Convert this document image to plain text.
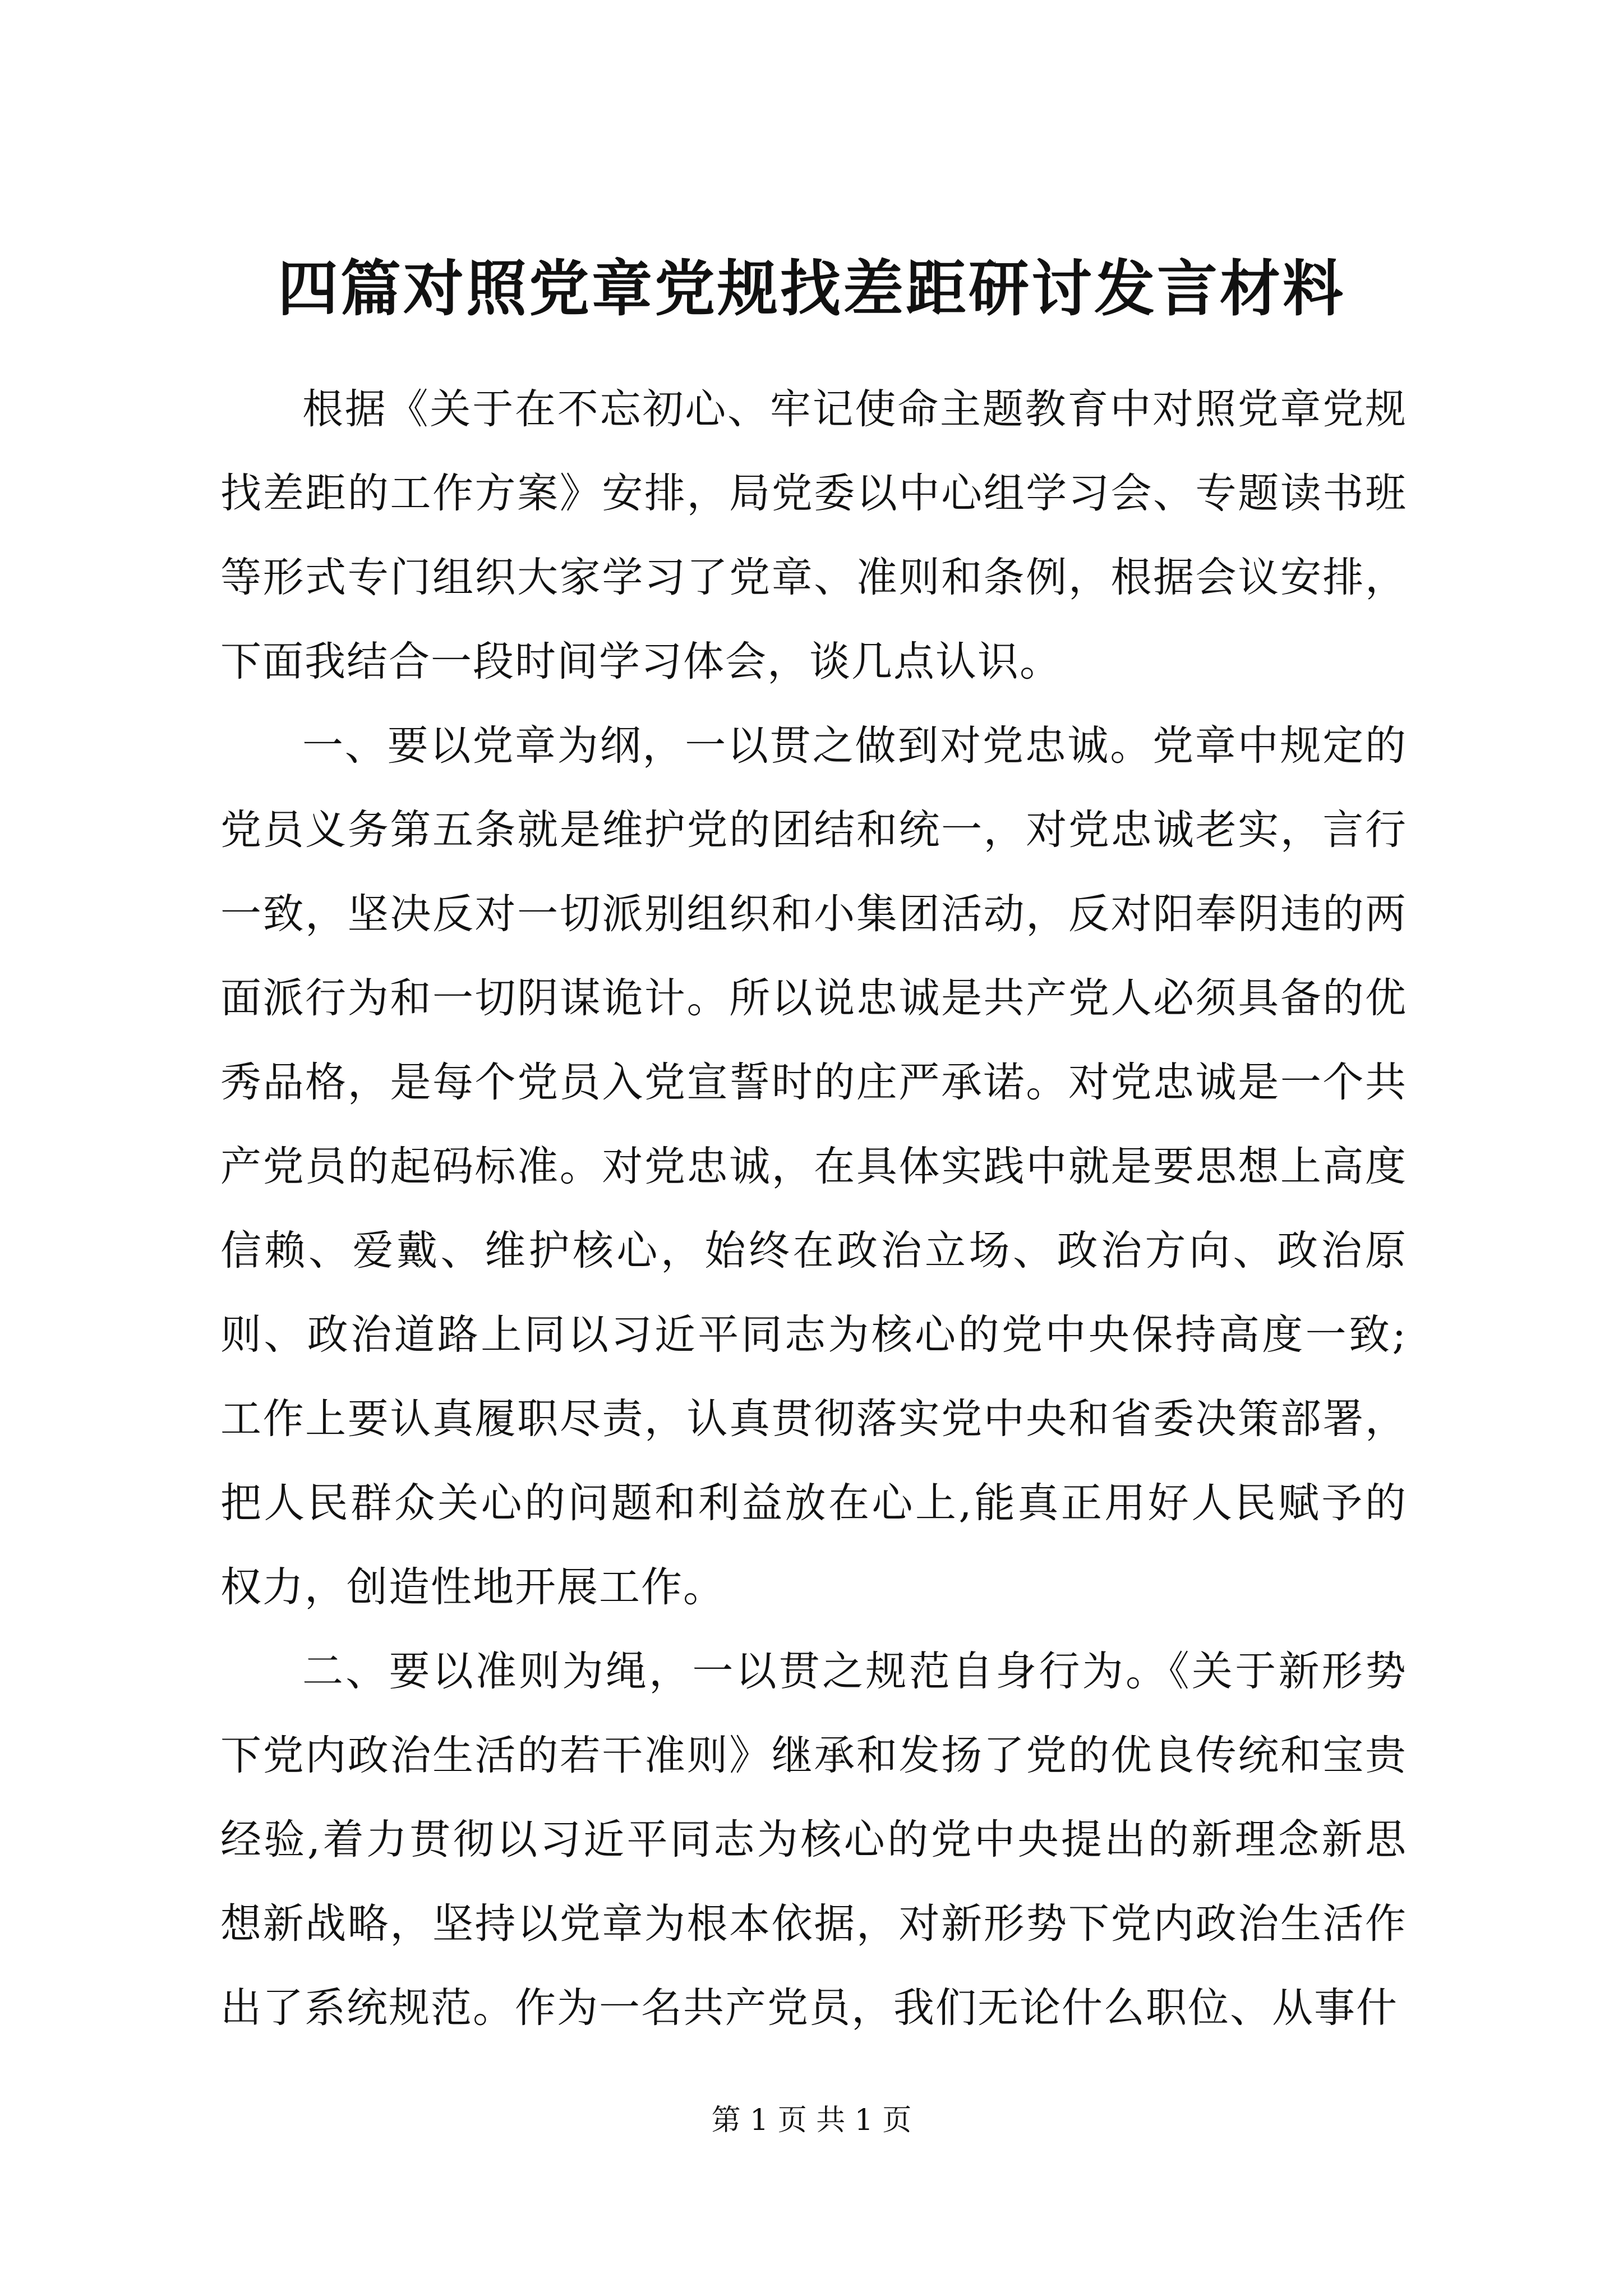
四篇对照党章党规找差距研讨发言材料

根据《关于在不忘初心、牢记使命主题教育中对照党章党规找差距的工作方案》安排，局党委以中心组学习会、专题读书班等形式专门组织大家学习了党章、准则和条例，根据会议安排，下面我结合一段时间学习体会，谈几点认识。

一、要以党章为纲，一以贯之做到对党忠诚。党章中规定的党员义务第五条就是维护党的团结和统一，对党忠诚老实，言行一致，坚决反对一切派别组织和小集团活动，反对阳奉阴违的两面派行为和一切阴谋诡计。所以说忠诚是共产党人必须具备的优秀品格，是每个党员入党宣誓时的庄严承诺。对党忠诚是一个共产党员的起码标准。对党忠诚，在具体实践中就是要思想上高度信赖、爱戴、维护核心，始终在政治立场、政治方向、政治原则、政治道路上同以习近平同志为核心的党中央保持高度一致;工作上要认真履职尽责，认真贯彻落实党中央和省委决策部署，把人民群众关心的问题和利益放在心上,能真正用好人民赋予的权力，创造性地开展工作。

二、要以准则为绳，一以贯之规范自身行为。《关于新形势下党内政治生活的若干准则》继承和发扬了党的优良传统和宝贵经验,着力贯彻以习近平同志为核心的党中央提出的新理念新思想新战略，坚持以党章为根本依据，对新形势下党内政治生活作出了系统规范。作为一名共产党员，我们无论什么职位、从事什

第 1 页 共 1 页
